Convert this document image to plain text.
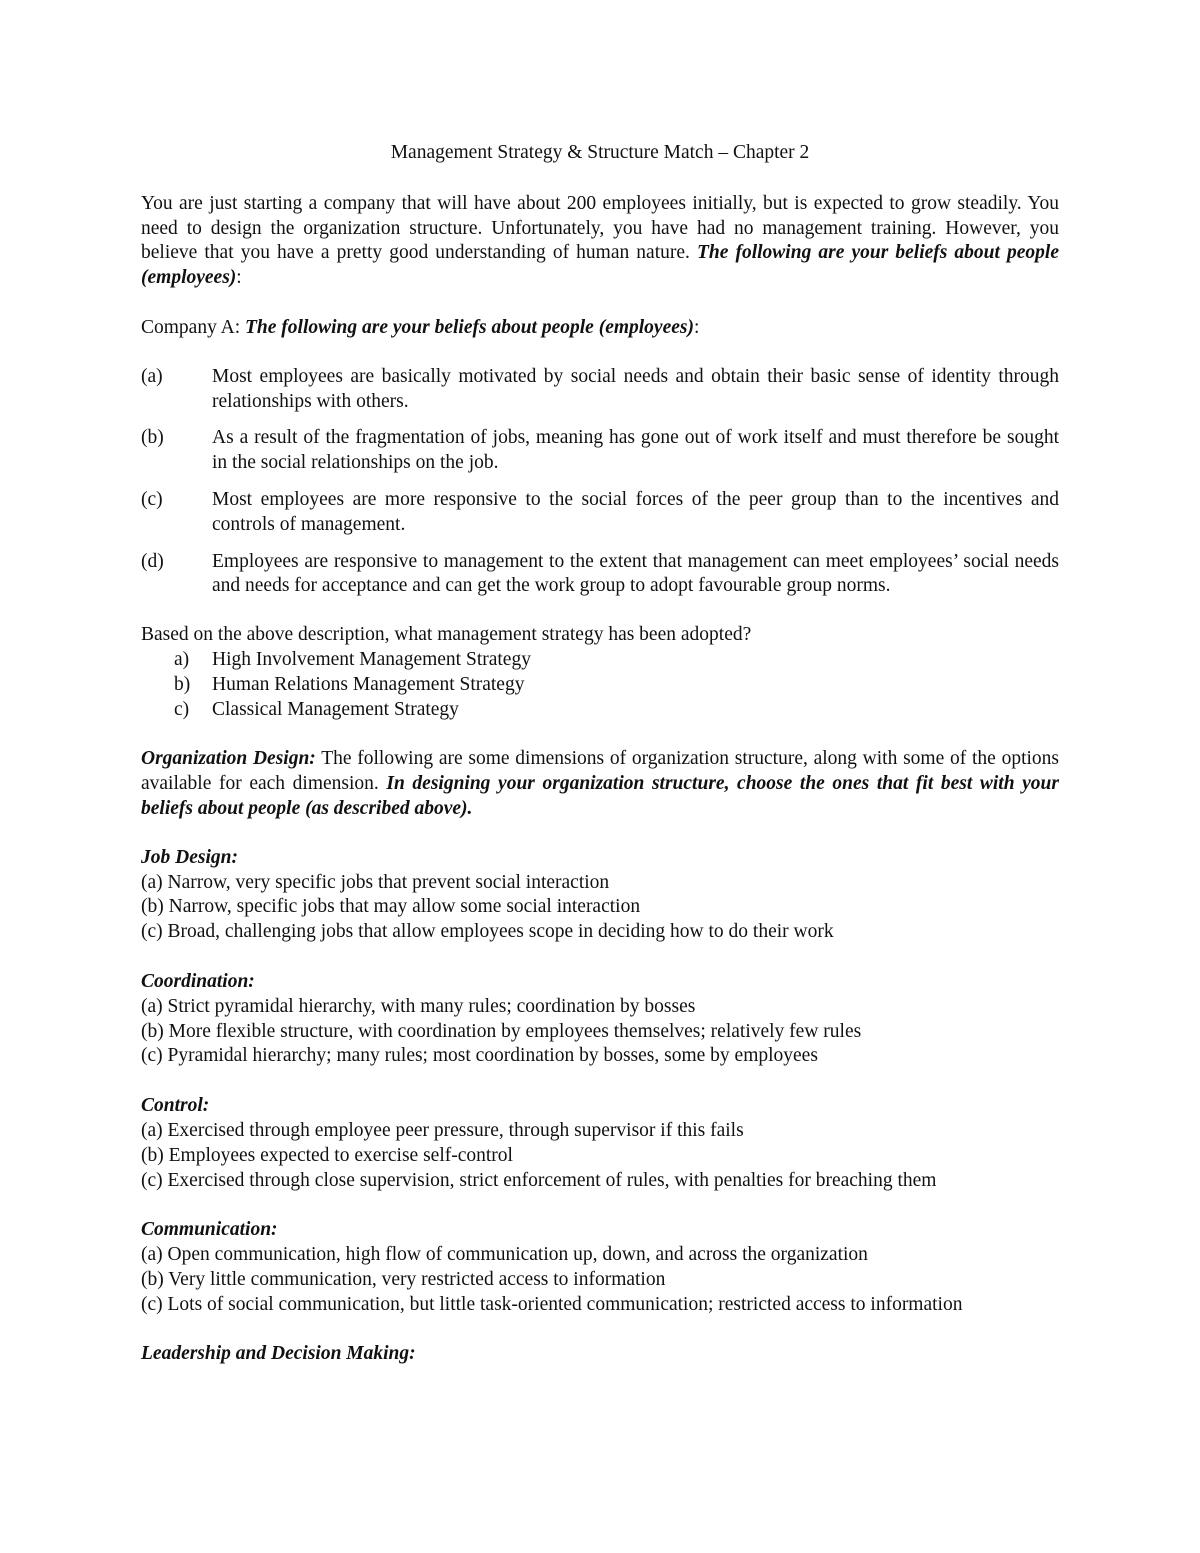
Management Strategy & Structure Match – Chapter 2

You are just starting a company that will have about 200 employees initially, but is expected to grow steadily. You need to design the organization structure. Unfortunately, you have had no management training. However, you believe that you have a pretty good understanding of human nature. The following are your beliefs about people (employees):

Company A: The following are your beliefs about people (employees):

(a)	Most employees are basically motivated by social needs and obtain their basic sense of identity through relationships with others.
(b)	As a result of the fragmentation of jobs, meaning has gone out of work itself and must therefore be sought in the social relationships on the job.
(c)	Most employees are more responsive to the social forces of the peer group than to the incentives and controls of management.
(d)	Employees are responsive to management to the extent that management can meet employees’ social needs and needs for acceptance and can get the work group to adopt favourable group norms.

Based on the above description, what management strategy has been adopted?

a)	High Involvement Management Strategy
b)	Human Relations Management Strategy
c)	Classical Management Strategy

Organization Design: The following are some dimensions of organization structure, along with some of the options available for each dimension. In designing your organization structure, choose the ones that fit best with your beliefs about people (as described above).

Job Design:
(a) Narrow, very specific jobs that prevent social interaction
(b) Narrow, specific jobs that may allow some social interaction
(c) Broad, challenging jobs that allow employees scope in deciding how to do their work
Coordination:
(a) Strict pyramidal hierarchy, with many rules; coordination by bosses
(b) More flexible structure, with coordination by employees themselves; relatively few rules
(c) Pyramidal hierarchy; many rules; most coordination by bosses, some by employees
Control:
(a) Exercised through employee peer pressure, through supervisor if this fails
(b) Employees expected to exercise self-control
(c) Exercised through close supervision, strict enforcement of rules, with penalties for breaching them
Communication:
(a) Open communication, high flow of communication up, down, and across the organization
(b) Very little communication, very restricted access to information
(c) Lots of social communication, but little task-oriented communication; restricted access to information
Leadership and Decision Making:
